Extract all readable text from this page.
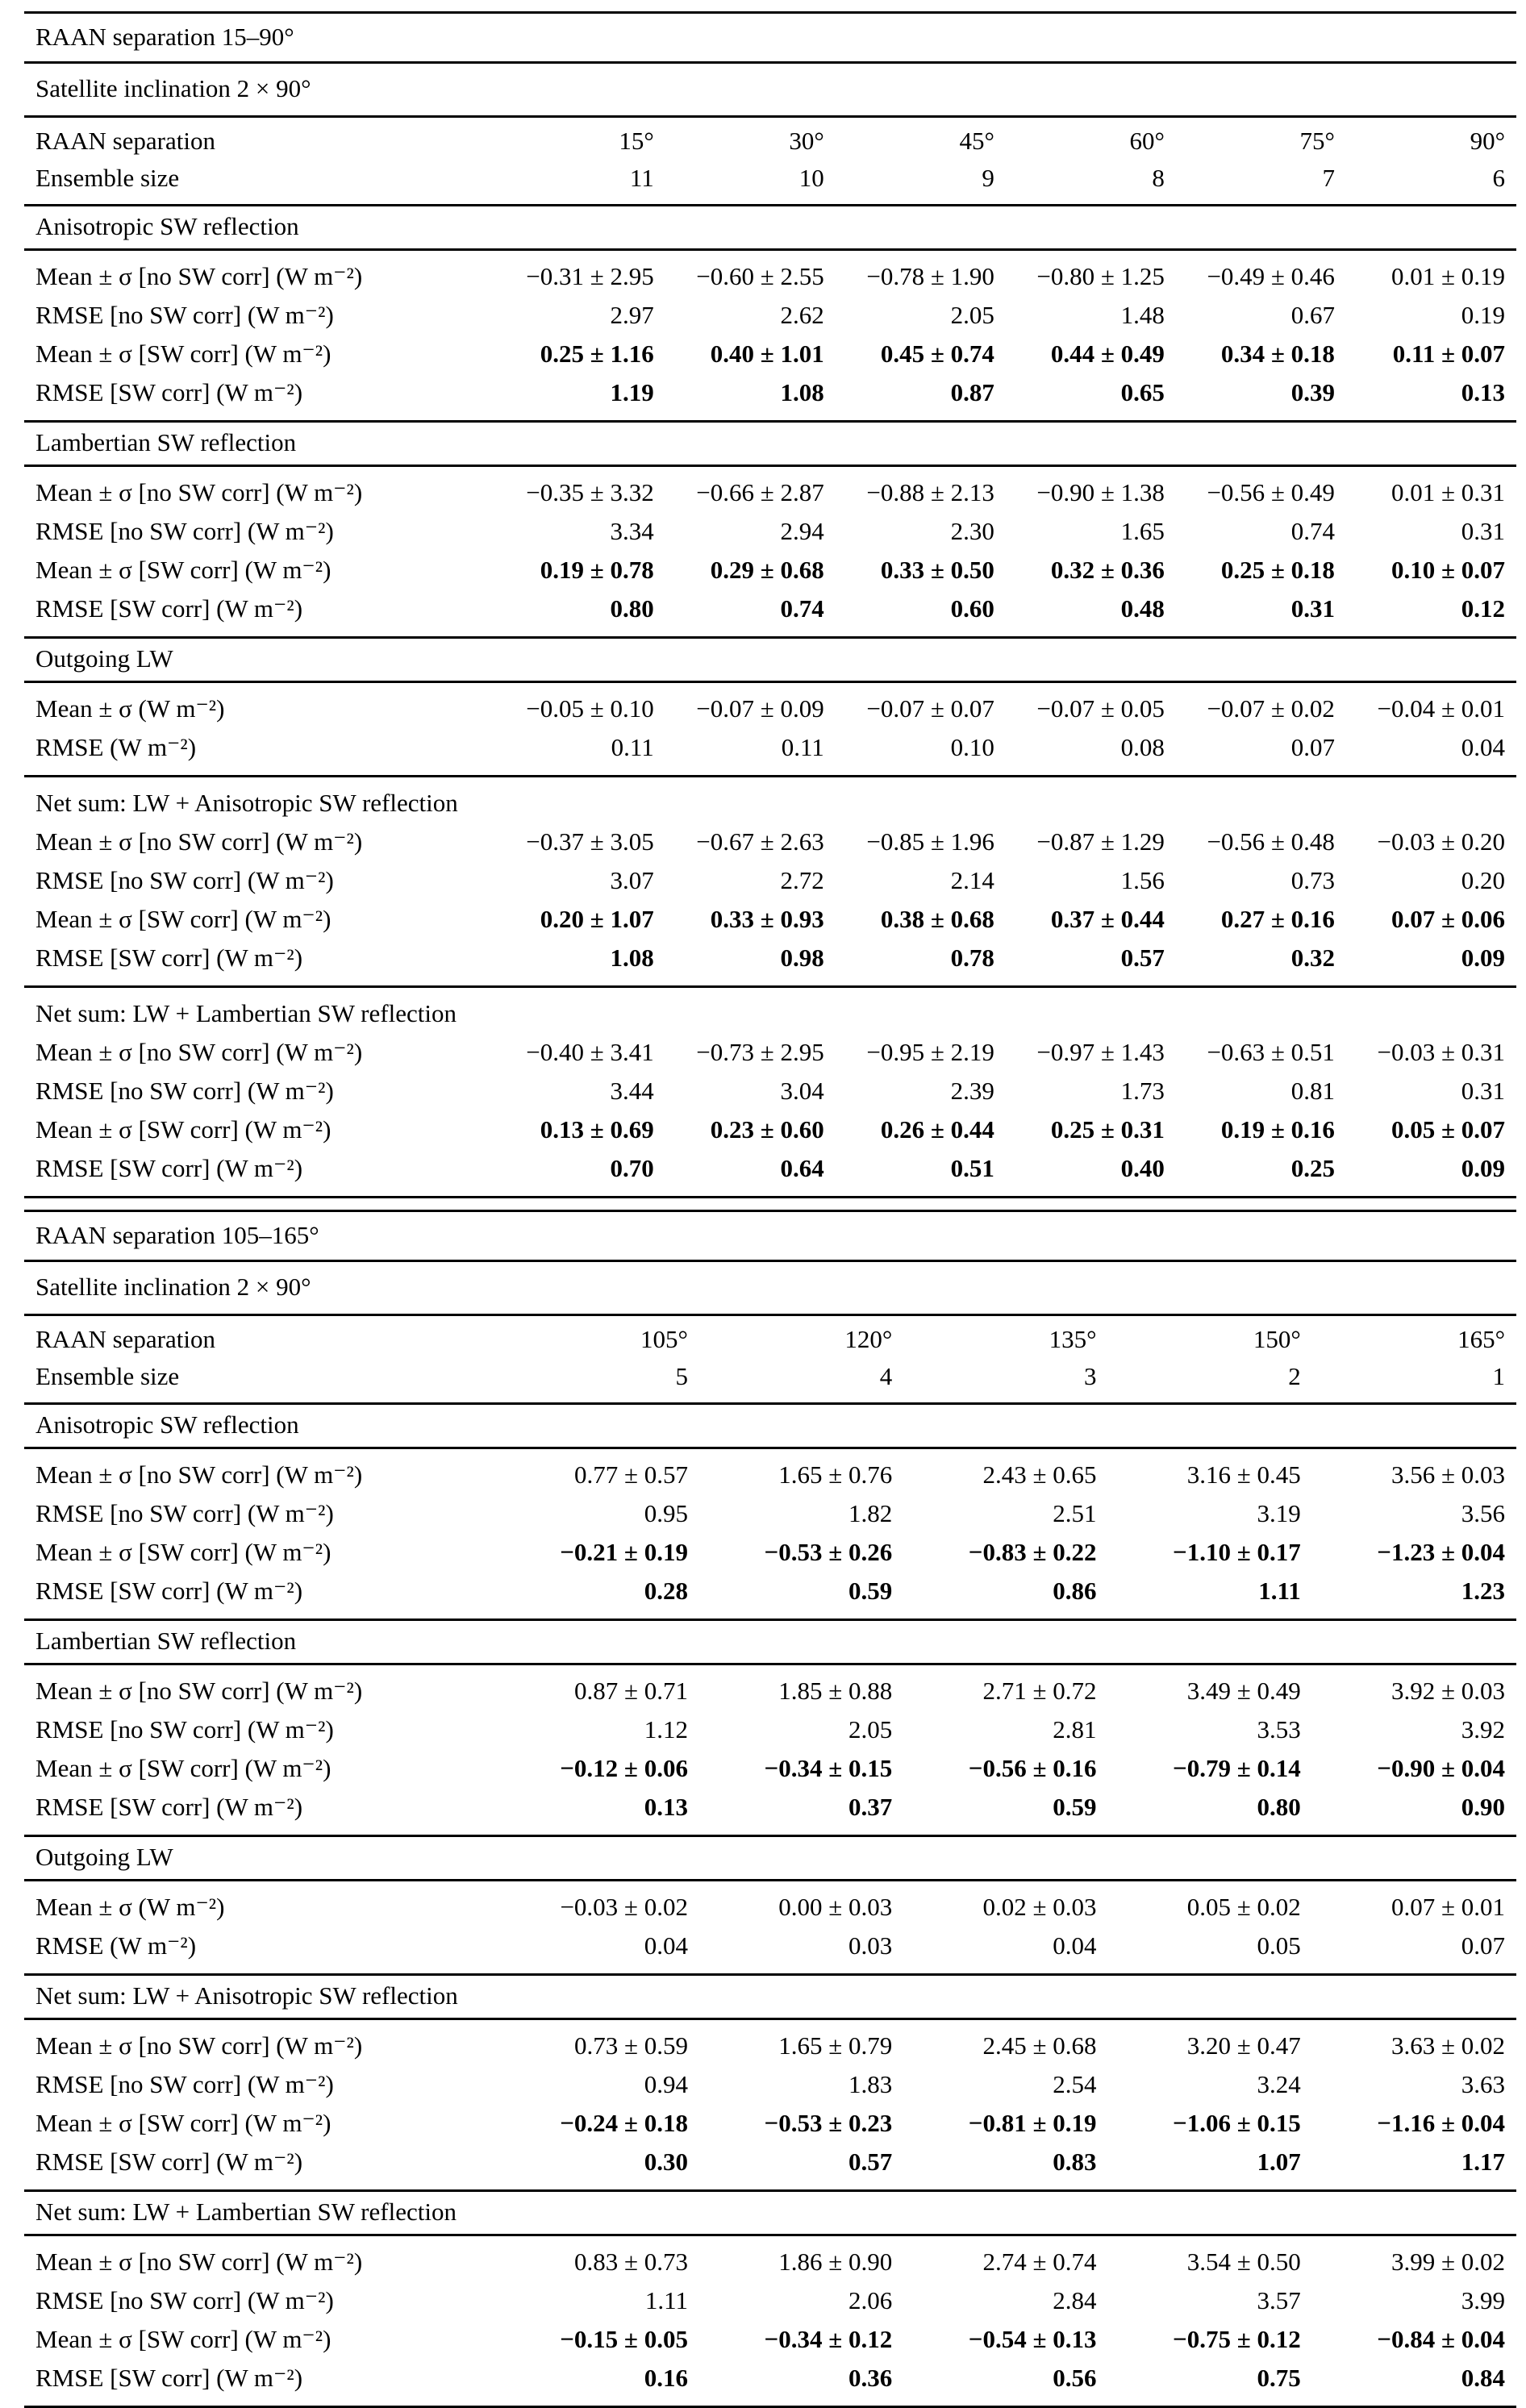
RAAN separation 15–90°
Satellite inclination 2 × 90°
RAAN separation	15°	30°	45°	60°	75°	90°
Ensemble size	11	10	9	8	7	6
Anisotropic SW reflection
Mean ± σ [no SW corr] (W m⁻²)	−0.31 ± 2.95	−0.60 ± 2.55	−0.78 ± 1.90	−0.80 ± 1.25	−0.49 ± 0.46	0.01 ± 0.19
RMSE [no SW corr] (W m⁻²)	2.97	2.62	2.05	1.48	0.67	0.19
Mean ± σ [SW corr] (W m⁻²)	0.25 ± 1.16	0.40 ± 1.01	0.45 ± 0.74	0.44 ± 0.49	0.34 ± 0.18	0.11 ± 0.07
RMSE [SW corr] (W m⁻²)	1.19	1.08	0.87	0.65	0.39	0.13
Lambertian SW reflection
Mean ± σ [no SW corr] (W m⁻²)	−0.35 ± 3.32	−0.66 ± 2.87	−0.88 ± 2.13	−0.90 ± 1.38	−0.56 ± 0.49	0.01 ± 0.31
RMSE [no SW corr] (W m⁻²)	3.34	2.94	2.30	1.65	0.74	0.31
Mean ± σ [SW corr] (W m⁻²)	0.19 ± 0.78	0.29 ± 0.68	0.33 ± 0.50	0.32 ± 0.36	0.25 ± 0.18	0.10 ± 0.07
RMSE [SW corr] (W m⁻²)	0.80	0.74	0.60	0.48	0.31	0.12
Outgoing LW
Mean ± σ (W m⁻²)	−0.05 ± 0.10	−0.07 ± 0.09	−0.07 ± 0.07	−0.07 ± 0.05	−0.07 ± 0.02	−0.04 ± 0.01
RMSE (W m⁻²)	0.11	0.11	0.10	0.08	0.07	0.04
Net sum: LW + Anisotropic SW reflection
Mean ± σ [no SW corr] (W m⁻²)	−0.37 ± 3.05	−0.67 ± 2.63	−0.85 ± 1.96	−0.87 ± 1.29	−0.56 ± 0.48	−0.03 ± 0.20
RMSE [no SW corr] (W m⁻²)	3.07	2.72	2.14	1.56	0.73	0.20
Mean ± σ [SW corr] (W m⁻²)	0.20 ± 1.07	0.33 ± 0.93	0.38 ± 0.68	0.37 ± 0.44	0.27 ± 0.16	0.07 ± 0.06
RMSE [SW corr] (W m⁻²)	1.08	0.98	0.78	0.57	0.32	0.09
Net sum: LW + Lambertian SW reflection
Mean ± σ [no SW corr] (W m⁻²)	−0.40 ± 3.41	−0.73 ± 2.95	−0.95 ± 2.19	−0.97 ± 1.43	−0.63 ± 0.51	−0.03 ± 0.31
RMSE [no SW corr] (W m⁻²)	3.44	3.04	2.39	1.73	0.81	0.31
Mean ± σ [SW corr] (W m⁻²)	0.13 ± 0.69	0.23 ± 0.60	0.26 ± 0.44	0.25 ± 0.31	0.19 ± 0.16	0.05 ± 0.07
RMSE [SW corr] (W m⁻²)	0.70	0.64	0.51	0.40	0.25	0.09
RAAN separation 105–165°
Satellite inclination 2 × 90°
RAAN separation	105°	120°	135°	150°	165°
Ensemble size	5	4	3	2	1
Anisotropic SW reflection
Mean ± σ [no SW corr] (W m⁻²)	0.77 ± 0.57	1.65 ± 0.76	2.43 ± 0.65	3.16 ± 0.45	3.56 ± 0.03
RMSE [no SW corr] (W m⁻²)	0.95	1.82	2.51	3.19	3.56
Mean ± σ [SW corr] (W m⁻²)	−0.21 ± 0.19	−0.53 ± 0.26	−0.83 ± 0.22	−1.10 ± 0.17	−1.23 ± 0.04
RMSE [SW corr] (W m⁻²)	0.28	0.59	0.86	1.11	1.23
Lambertian SW reflection
Mean ± σ [no SW corr] (W m⁻²)	0.87 ± 0.71	1.85 ± 0.88	2.71 ± 0.72	3.49 ± 0.49	3.92 ± 0.03
RMSE [no SW corr] (W m⁻²)	1.12	2.05	2.81	3.53	3.92
Mean ± σ [SW corr] (W m⁻²)	−0.12 ± 0.06	−0.34 ± 0.15	−0.56 ± 0.16	−0.79 ± 0.14	−0.90 ± 0.04
RMSE [SW corr] (W m⁻²)	0.13	0.37	0.59	0.80	0.90
Outgoing LW
Mean ± σ (W m⁻²)	−0.03 ± 0.02	0.00 ± 0.03	0.02 ± 0.03	0.05 ± 0.02	0.07 ± 0.01
RMSE (W m⁻²)	0.04	0.03	0.04	0.05	0.07
Net sum: LW + Anisotropic SW reflection
Mean ± σ [no SW corr] (W m⁻²)	0.73 ± 0.59	1.65 ± 0.79	2.45 ± 0.68	3.20 ± 0.47	3.63 ± 0.02
RMSE [no SW corr] (W m⁻²)	0.94	1.83	2.54	3.24	3.63
Mean ± σ [SW corr] (W m⁻²)	−0.24 ± 0.18	−0.53 ± 0.23	−0.81 ± 0.19	−1.06 ± 0.15	−1.16 ± 0.04
RMSE [SW corr] (W m⁻²)	0.30	0.57	0.83	1.07	1.17
Net sum: LW + Lambertian SW reflection
Mean ± σ [no SW corr] (W m⁻²)	0.83 ± 0.73	1.86 ± 0.90	2.74 ± 0.74	3.54 ± 0.50	3.99 ± 0.02
RMSE [no SW corr] (W m⁻²)	1.11	2.06	2.84	3.57	3.99
Mean ± σ [SW corr] (W m⁻²)	−0.15 ± 0.05	−0.34 ± 0.12	−0.54 ± 0.13	−0.75 ± 0.12	−0.84 ± 0.04
RMSE [SW corr] (W m⁻²)	0.16	0.36	0.56	0.75	0.84
